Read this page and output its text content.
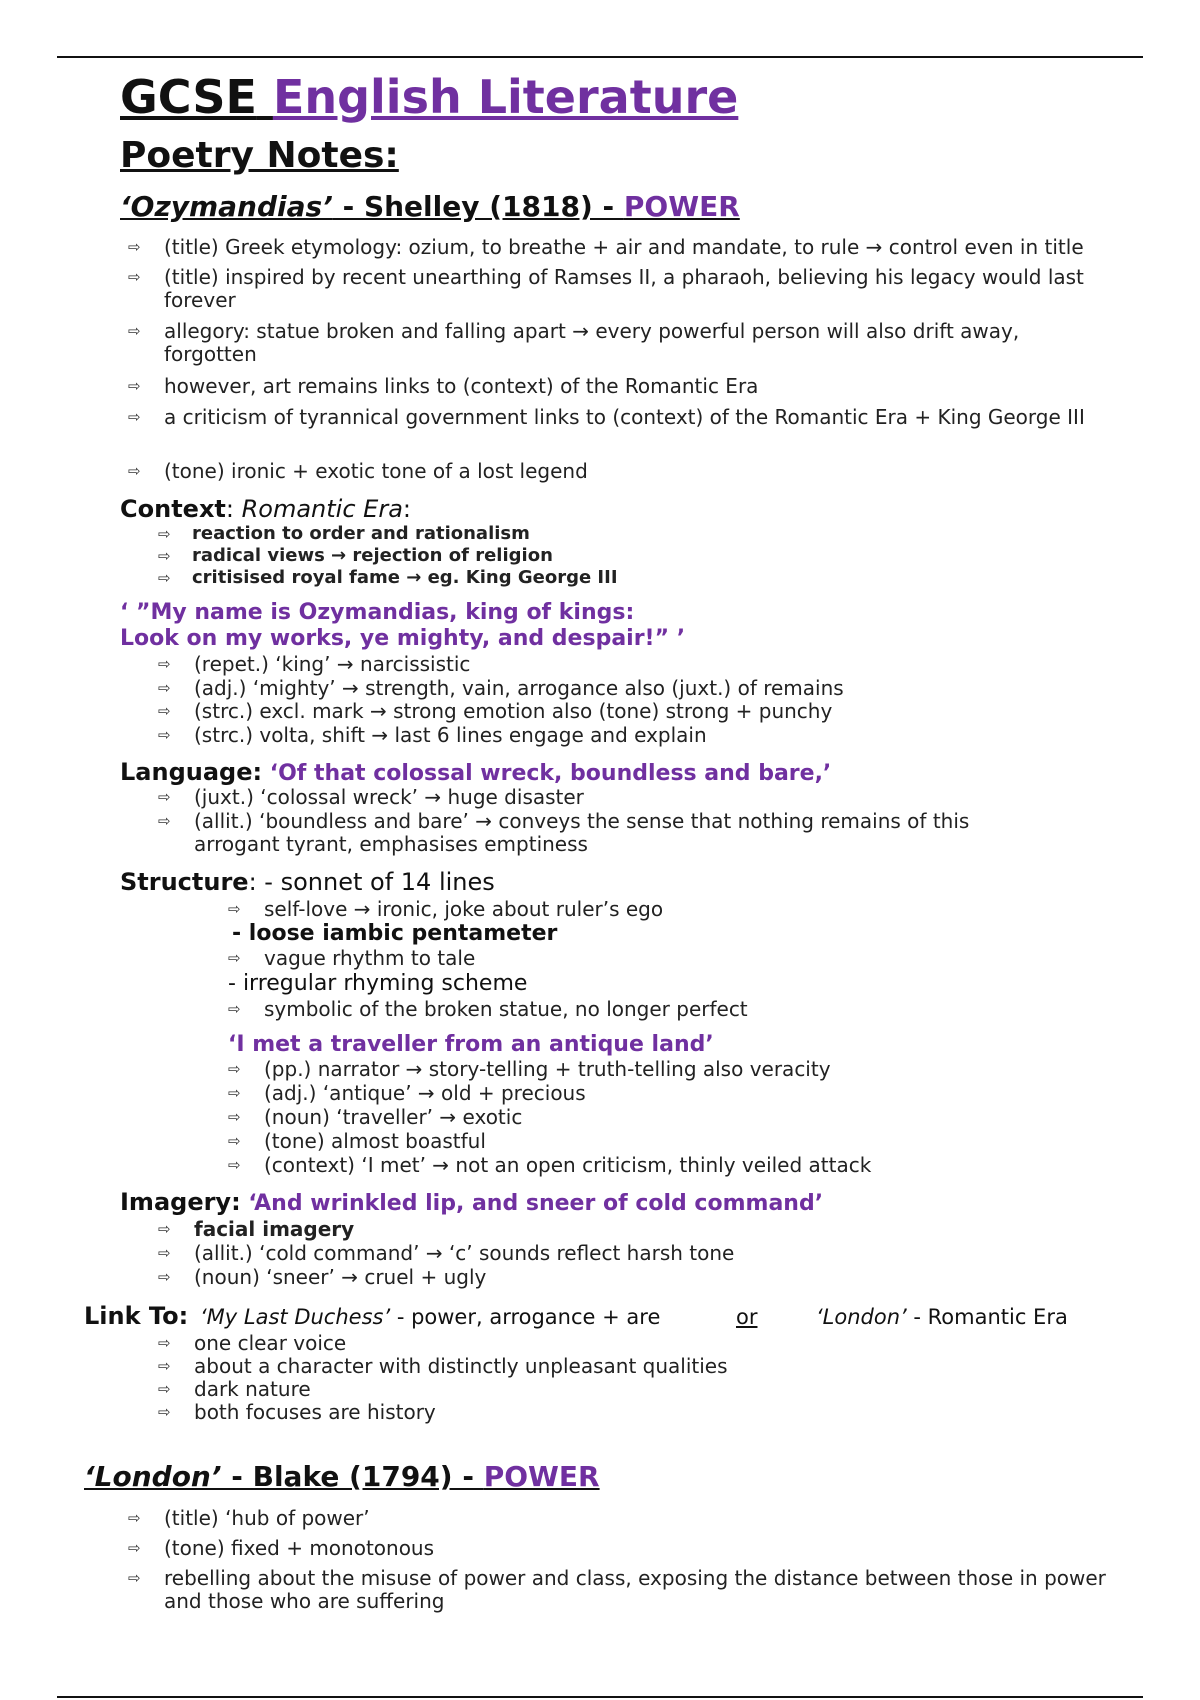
GCSE English Literature
Poetry Notes:
‘Ozymandias’ - Shelley (1818) - POWER
⇨ (title) Greek etymology: ozium, to breathe + air and mandate, to rule → control even in title
⇨ (title) inspired by recent unearthing of Ramses II, a pharaoh, believing his legacy would last forever
⇨ allegory: statue broken and falling apart → every powerful person will also drift away, forgotten
⇨ however, art remains links to (context) of the Romantic Era
⇨ a criticism of tyrannical government links to (context) of the Romantic Era + King George III
⇨ (tone) ironic + exotic tone of a lost legend
Context: Romantic Era:
⇨ reaction to order and rationalism
⇨ radical views → rejection of religion
⇨ critisised royal fame → eg. King George III
‘ ”My name is Ozymandias, king of kings:
Look on my works, ye mighty, and despair!” ’
⇨ (repet.) ‘king’ → narcissistic
⇨ (adj.) ‘mighty’ → strength, vain, arrogance also (juxt.) of remains
⇨ (strc.) excl. mark → strong emotion also (tone) strong + punchy
⇨ (strc.) volta, shift → last 6 lines engage and explain
Language: ‘Of that colossal wreck, boundless and bare,’
⇨ (juxt.) ‘colossal wreck’ → huge disaster
⇨ (allit.) ‘boundless and bare’ → conveys the sense that nothing remains of this arrogant tyrant, emphasises emptiness
Structure: - sonnet of 14 lines
⇨ self-love → ironic, joke about ruler’s ego
- loose iambic pentameter
⇨ vague rhythm to tale
- irregular rhyming scheme
⇨ symbolic of the broken statue, no longer perfect
‘I met a traveller from an antique land’
⇨ (pp.) narrator → story-telling + truth-telling also veracity
⇨ (adj.) ‘antique’ → old + precious
⇨ (noun) ‘traveller’ → exotic
⇨ (tone) almost boastful
⇨ (context) ‘I met’ → not an open criticism, thinly veiled attack
Imagery: ‘And wrinkled lip, and sneer of cold command’
⇨ facial imagery
⇨ (allit.) ‘cold command’ → ‘c’ sounds reflect harsh tone
⇨ (noun) ‘sneer’ → cruel + ugly
Link To: ‘My Last Duchess’ - power, arrogance + are	or	‘London’ - Romantic Era
⇨ one clear voice
⇨ about a character with distinctly unpleasant qualities
⇨ dark nature
⇨ both focuses are history
‘London’ - Blake (1794) - POWER
⇨ (title) ‘hub of power’
⇨ (tone) fixed + monotonous
⇨ rebelling about the misuse of power and class, exposing the distance between those in power and those who are suffering
